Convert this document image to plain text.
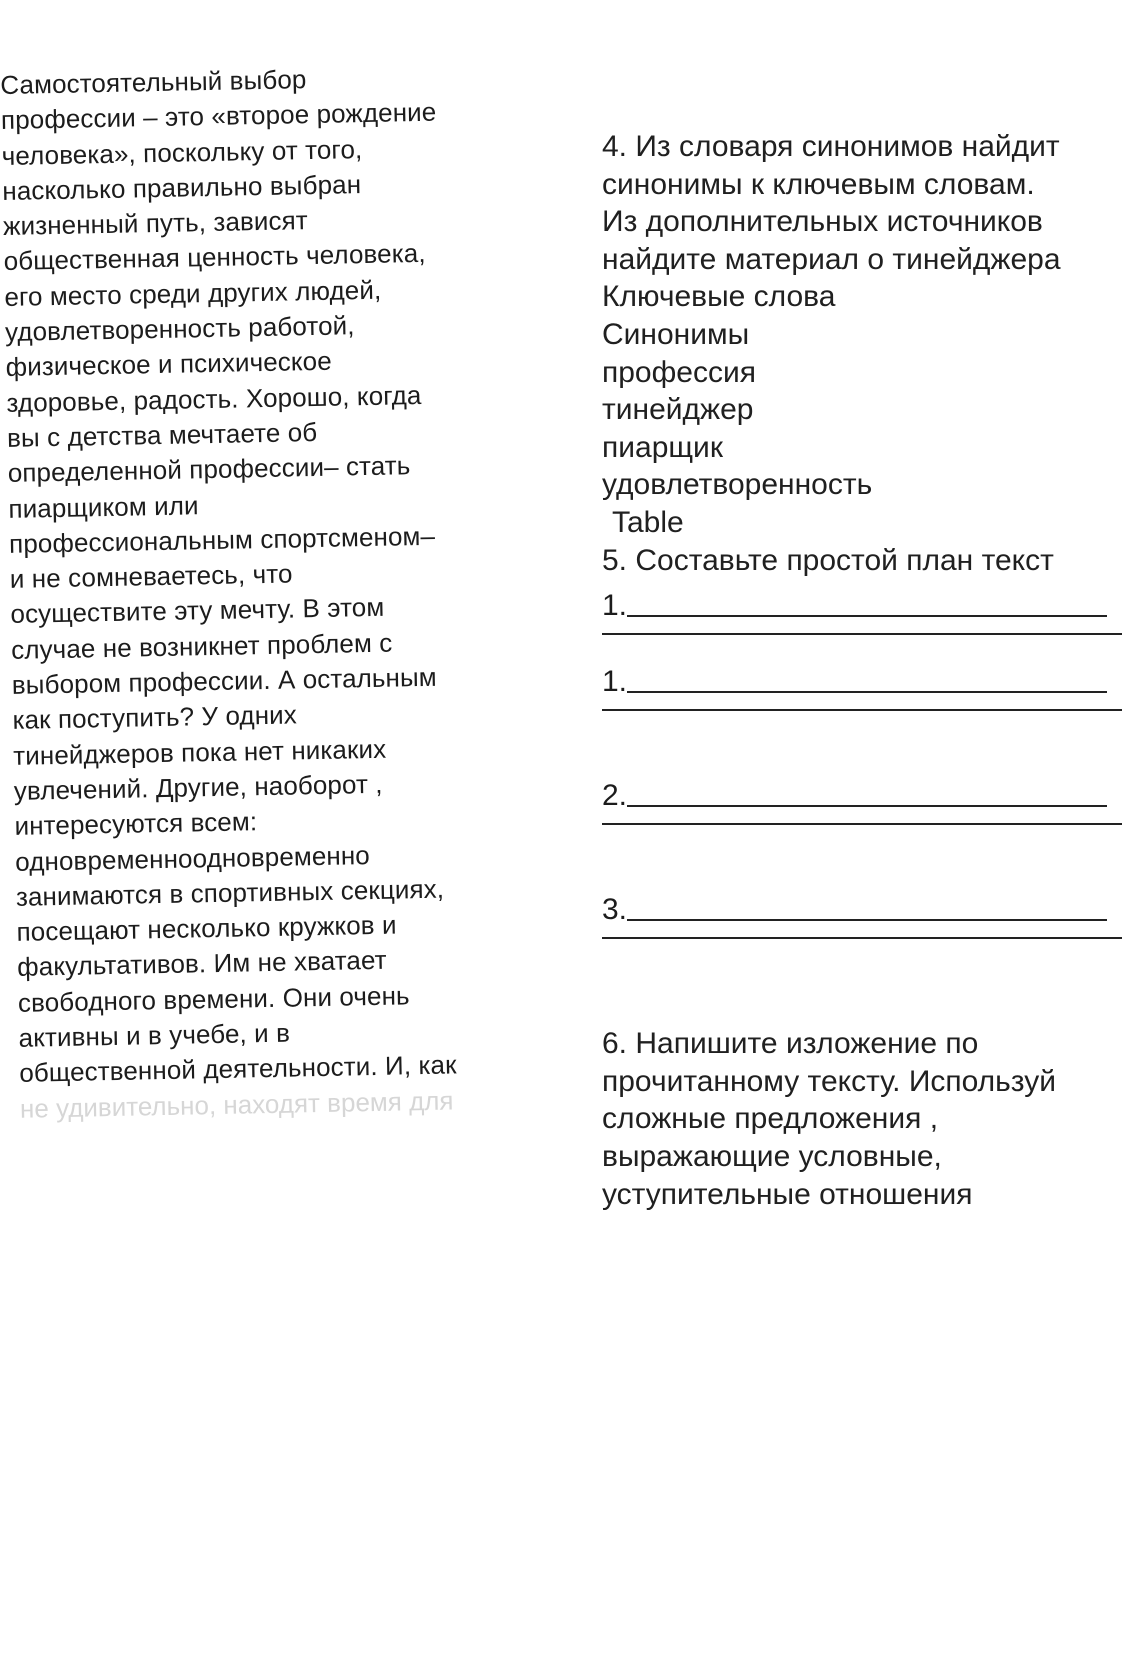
Самостоятельный выбор
профессии – это «второе рождение
человека», поскольку от того,
насколько правильно выбран
жизненный путь, зависят
общественная ценность человека,
его место среди других людей,
удовлетворенность работой,
физическое и психическое
здоровье, радость. Хорошо, когда
вы с детства мечтаете об
определенной профессии– стать
пиарщиком или
профессиональным спортсменом–
и не сомневаетесь, что
осуществите эту мечту. В этом
случае не возникнет проблем с
выбором профессии. А остальным
как поступить? У одних
тинейджеров пока нет никаких
увлечений. Другие, наоборот ,
интересуются всем:
одновременноодновременно
занимаются в спортивных секциях,
посещают несколько кружков и
факультативов. Им не хватает
свободного времени. Они очень
активны и в учебе, и в
общественной деятельности. И, как
не удивительно, находят время для
4. Из словаря синонимов найдит
синонимы к ключевым словам.
Из дополнительных источников
найдите материал о тинейджера
Ключевые слова
Синонимы
профессия
тинейджер
пиарщик
удовлетворенность
Table
5. Составьте простой план текст
1.
1.
2.
3.
6. Напишите изложение по
прочитанному тексту. Используй
сложные предложения ,
выражающие условные,
уступительные отношения
